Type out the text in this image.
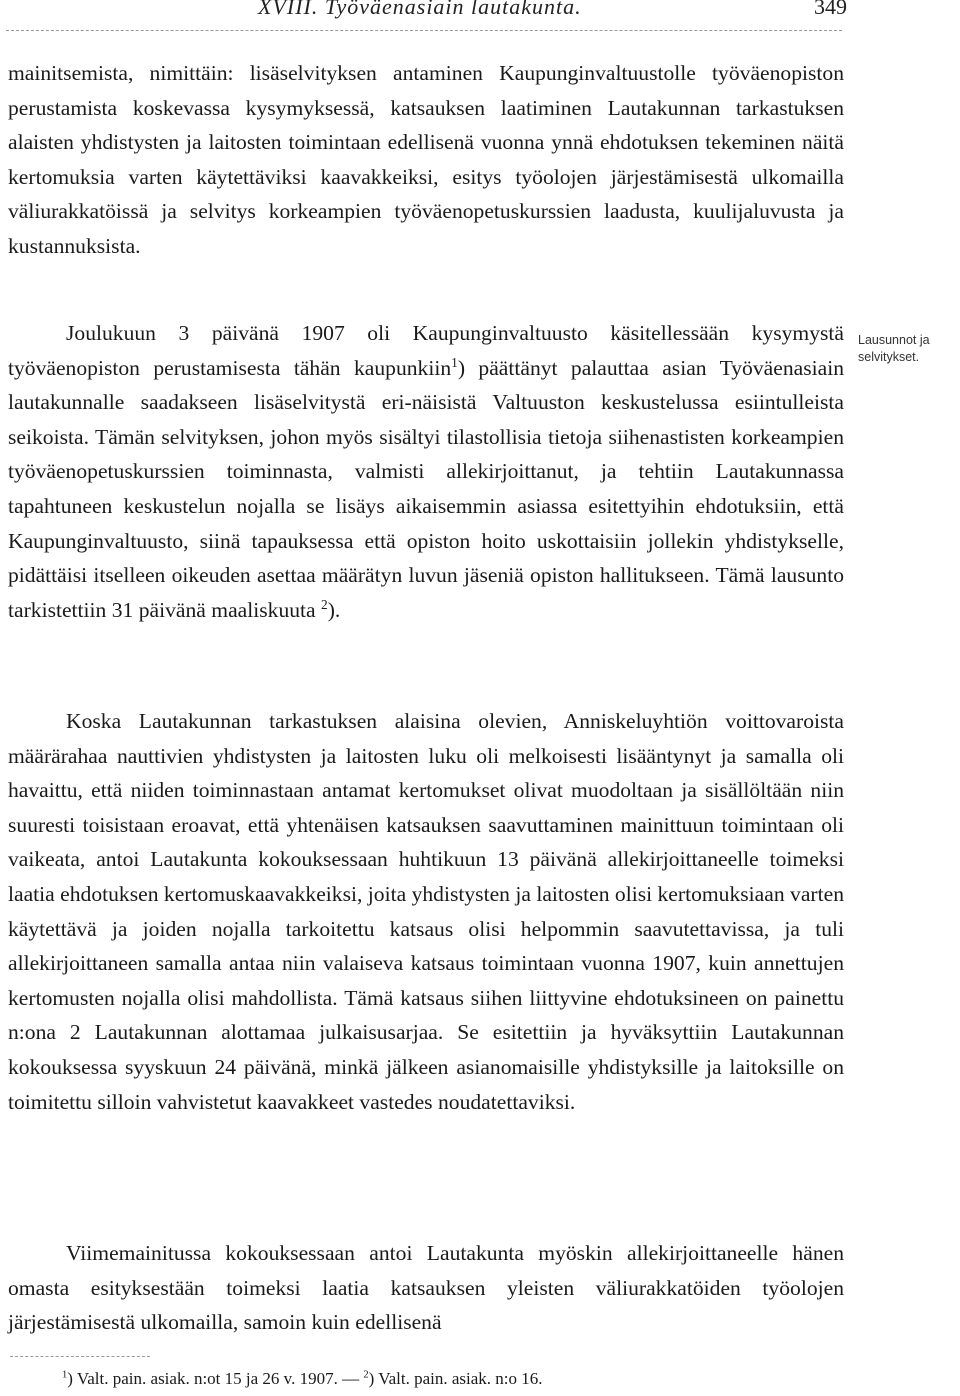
XVIII. Työväenasiain lautakunta.	349

mainitsemista, nimittäin: lisäselvityksen antaminen Kaupunginvaltuustolle työväenopiston perustamista koskevassa kysymyksessä, katsauksen laatiminen Lautakunnan tarkastuksen alaisten yhdistysten ja laitosten toimintaan edellisenä vuonna ynnä ehdotuksen tekeminen näitä kertomuksia varten käytettäviksi kaavakkeiksi, esitys työolojen järjestämisestä ulkomailla väliurakkatöissä ja selvitys korkeampien työväenopetuskurssien laadusta, kuulijaluvusta ja kustannuksista.

Joulukuun 3 päivänä 1907 oli Kaupunginvaltuusto käsitellessään kysymystä työväenopiston perustamisesta tähän kaupunkiin$^1$) päättänyt palauttaa asian Työväenasiain lautakunnalle saadakseen lisäselvitystä eri-näisistä Valtuuston keskustelussa esiintulleista seikoista. Tämän selvityksen, johon myös sisältyi tilastollisia tietoja siihenastisten korkeampien työväenopetuskurssien toiminnasta, valmisti allekirjoittanut, ja tehtiin Lautakunnassa tapahtuneen keskustelun nojalla se lisäys aikaisemmin asiassa esitettyihin ehdotuksiin, että Kaupunginvaltuusto, siinä tapauksessa että opiston hoito uskottaisiin jollekin yhdistykselle, pidättäisi itselleen oikeuden asettaa määrätyn luvun jäseniä opiston hallitukseen. Tämä lausunto tarkistettiin 31 päivänä maaliskuuta $^2$).

Lausunnot ja selvitykset.

Koska Lautakunnan tarkastuksen alaisina olevien, Anniskeluyhtiön voittovaroista määrärahaa nauttivien yhdistysten ja laitosten luku oli melkoisesti lisääntynyt ja samalla oli havaittu, että niiden toiminnastaan antamat kertomukset olivat muodoltaan ja sisällöltään niin suuresti toisistaan eroavat, että yhtenäisen katsauksen saavuttaminen mainittuun toimintaan oli vaikeata, antoi Lautakunta kokouksessaan huhtikuun 13 päivänä allekirjoittaneelle toimeksi laatia ehdotuksen kertomuskaavakkeiksi, joita yhdistysten ja laitosten olisi kertomuksiaan varten käytettävä ja joiden nojalla tarkoitettu katsaus olisi helpommin saavutettavissa, ja tuli allekirjoittaneen samalla antaa niin valaiseva katsaus toimintaan vuonna 1907, kuin annettujen kertomusten nojalla olisi mahdollista. Tämä katsaus siihen liittyvine ehdotuksineen on painettu n:ona 2 Lautakunnan alottamaa julkaisusarjaa. Se esitettiin ja hyväksyttiin Lautakunnan kokouksessa syyskuun 24 päivänä, minkä jälkeen asianomaisille yhdistyksille ja laitoksille on toimitettu silloin vahvistetut kaavakkeet vastedes noudatettaviksi.

Viimemainitussa kokouksessaan antoi Lautakunta myöskin allekirjoittaneelle hänen omasta esityksestään toimeksi laatia katsauksen yleisten väliurakkatöiden työolojen järjestämisestä ulkomailla, samoin kuin edellisenä

$^1$) Valt. pain. asiak. n:ot 15 ja 26 v. 1907. — $^2$) Valt. pain. asiak. n:o 16.
